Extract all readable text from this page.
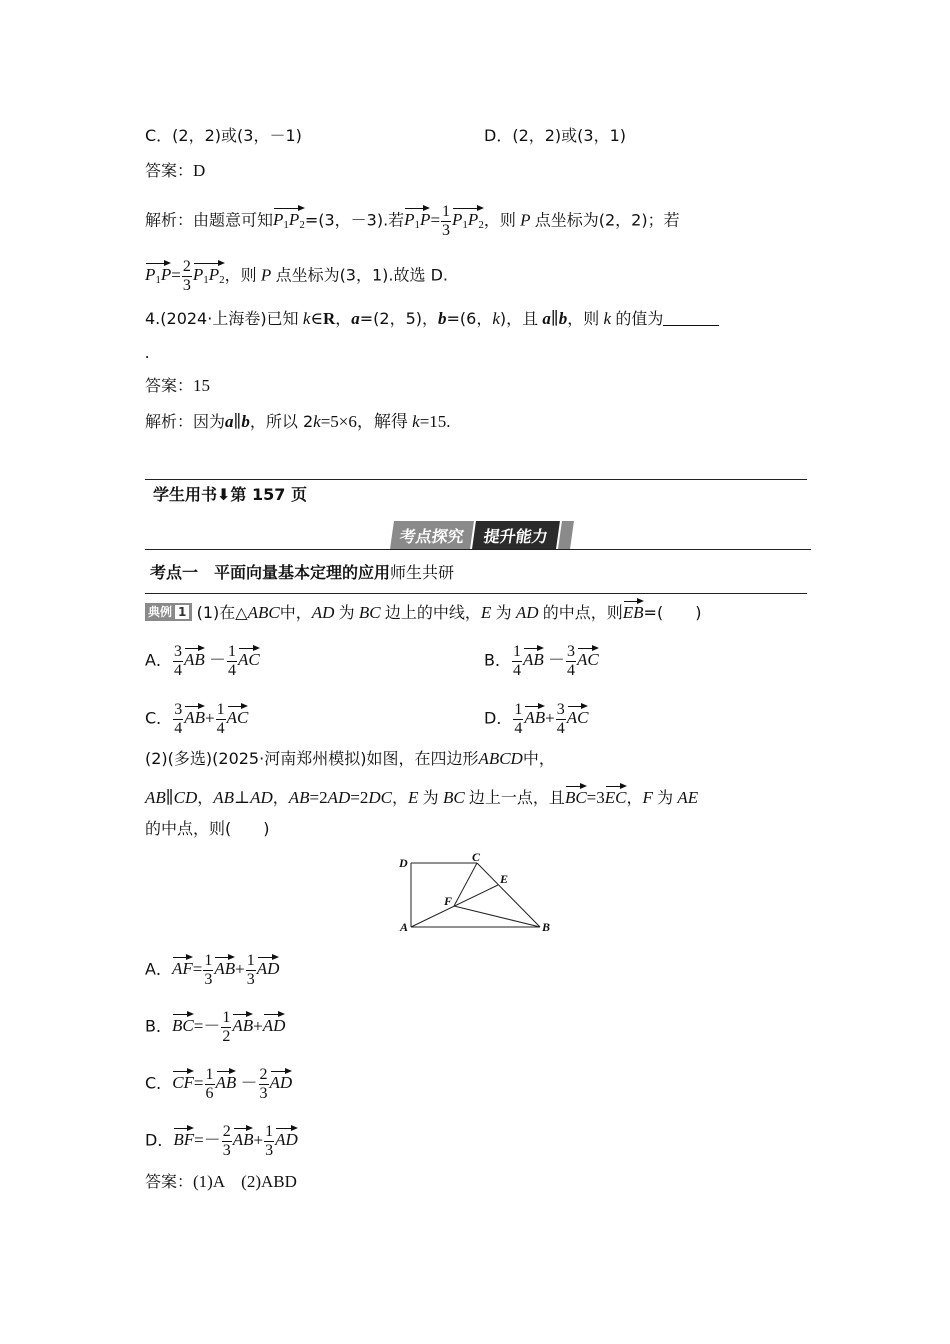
C．(2，2)或(3，－1)	D．(2，2)或(3，1)
答案：D
解析：由题意可知$P_1P_2=(3$，－3).若$P_1P= \frac{1}{3} P_1P_2$，则 P 点坐标为(2，2)；若
$P_1P= \frac{2}{3} P_1P_2$，则 P 点坐标为(3，1).故选 D.
4.(2024·上海卷)已知 k∈R，a=(2，5)，b=(6，k)，且 a∥b，则 k 的值为
.
答案：15
解析：因为a∥b，所以 2k=5×6，解得 k=15.
学生用书⬇第 157 页
考点探究 提升能力
考点一　平面向量基本定理的应用师生共研
典例 1 (1)在△ABC中，AD 为 BC 边上的中线，E 为 AD 的中点，则EB=(　　)
A． $\frac{3}{4}$ AB － $\frac{1}{4}$ AC	B． $\frac{1}{4}$ AB － $\frac{3}{4}$ AC
C． $\frac{3}{4} AB+ \frac{1}{4}$ AC	D． $\frac{1}{4} AB+ \frac{3}{4}$ AC
(2)(多选)(2025·河南郑州模拟)如图，在四边形ABCD中，
AB∥CD，AB⊥AD，AB=2AD=2DC，E 为 BC 边上一点，且BC=3EC，F 为 AE
的中点，则(　　)
D	C
E
F
A	B
A．$AF= \frac{1}{3} AB+ \frac{1}{3}$ AD
B．$BC=- \frac{1}{2} AB+AD$
C．$CF= \frac{1}{6}$ AB － $\frac{2}{3}$ AD
D．$BF=- \frac{2}{3} AB+ \frac{1}{3}$ AD
答案：(1)A　(2)ABD
